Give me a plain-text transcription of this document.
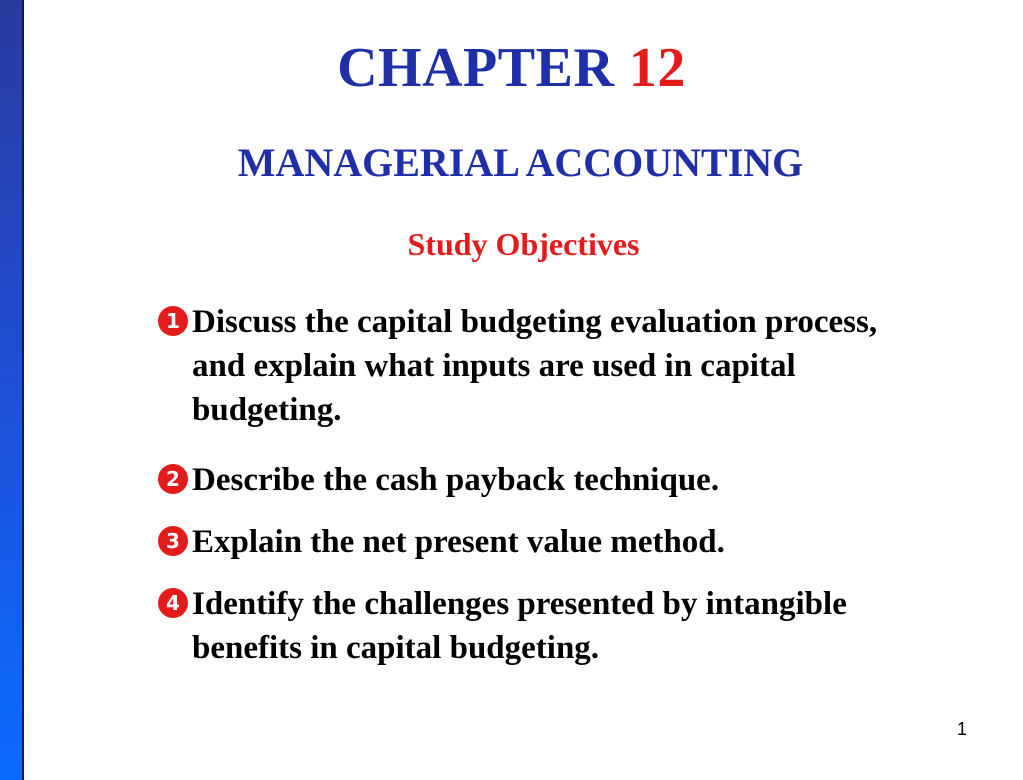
CHAPTER 12
MANAGERIAL ACCOUNTING
Study Objectives
1 Discuss the capital budgeting evaluation process, and explain what inputs are used in capital budgeting.
2 Describe the cash payback technique.
3 Explain the net present value method.
4 Identify the challenges presented by intangible benefits in capital budgeting.
1
